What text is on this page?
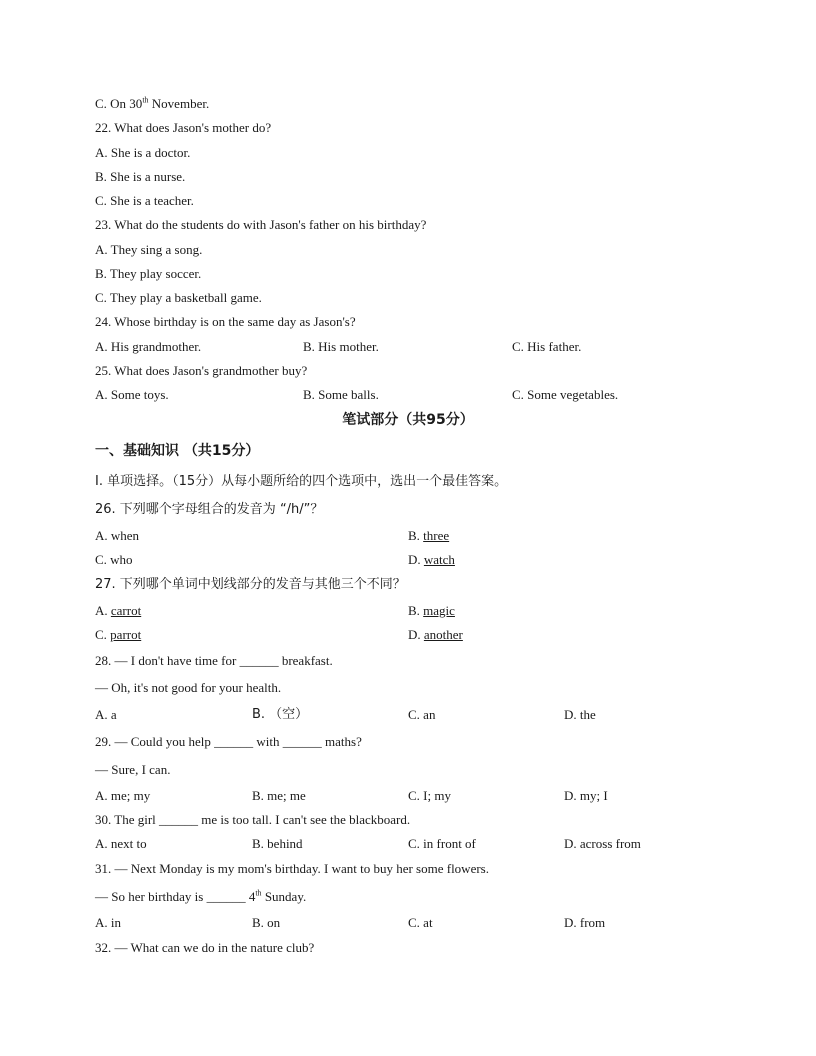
C. On 30th November.
22. What does Jason's mother do?
A. She is a doctor.
B. She is a nurse.
C. She is a teacher.
23. What do the students do with Jason's father on his birthday?
A. They sing a song.
B. They play soccer.
C. They play a basketball game.
24. Whose birthday is on the same day as Jason's?
A. His grandmother.	B. His mother.	C. His father.
25. What does Jason's grandmother buy?
A. Some toys.	B. Some balls.	C. Some vegetables.
笔试部分（共95分）
一、基础知识 （共15分）
I. 单项选择。（15分）从每小题所给的四个选项中，选出一个最佳答案。
26. 下列哪个字母组合的发音为 “/h/”？
A. when	B. three
C. who	D. watch
27. 下列哪个单词中划线部分的发音与其他三个不同？
A. carrot	B. magic
C. parrot	D. another
28. — I don't have time for ______ breakfast.
— Oh, it's not good for your health.
A. a	B. （空）	C. an	D. the
29. — Could you help ______ with ______ maths?
— Sure, I can.
A. me; my	B. me; me	C. I; my	D. my; I
30. The girl ______ me is too tall. I can't see the blackboard.
A. next to	B. behind	C. in front of	D. across from
31. — Next Monday is my mom's birthday. I want to buy her some flowers.
— So her birthday is ______ 4th Sunday.
A. in	B. on	C. at	D. from
32. — What can we do in the nature club?
